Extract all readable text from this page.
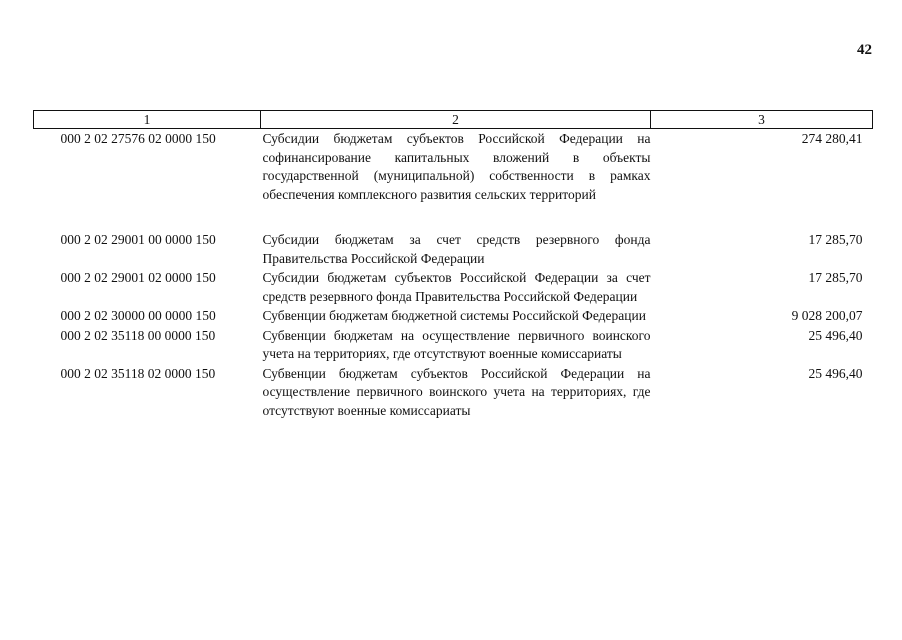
42
1	2	3
000 2 02 27576 02 0000 150	Субсидии бюджетам субъектов Российской Федерации на софинансирование капитальных вложений в объекты государственной (муниципальной) собственности в рамках обеспечения комплексного развития сельских территорий	274 280,41
000 2 02 29001 00 0000 150	Субсидии бюджетам за счет средств резервного фонда Правительства Российской Федерации	17 285,70
000 2 02 29001 02 0000 150	Субсидии бюджетам субъектов Российской Федерации за счет средств резервного фонда Правительства Российской Федерации	17 285,70
000 2 02 30000 00 0000 150	Субвенции бюджетам бюджетной системы Российской Федерации	9 028 200,07
000 2 02 35118 00 0000 150	Субвенции бюджетам на осуществление первичного воинского учета на территориях, где отсутствуют военные комиссариаты	25 496,40
000 2 02 35118 02 0000 150	Субвенции бюджетам субъектов Российской Федерации на осуществление первичного воинского учета на территориях, где отсутствуют военные комиссариаты	25 496,40
